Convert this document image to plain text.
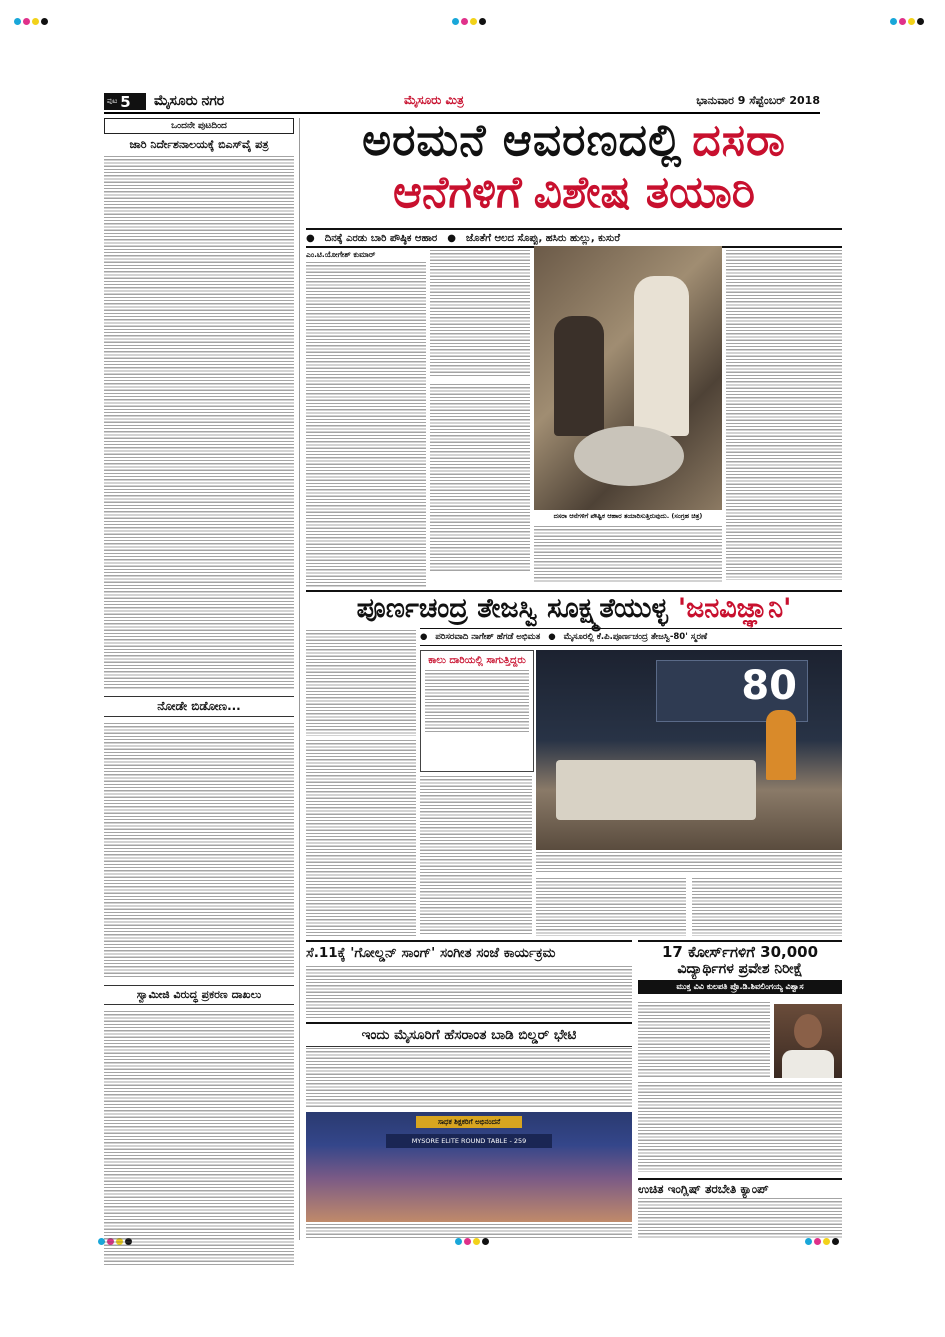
ಪುಟ 5 ಮೈಸೂರು ನಗರ	ಮೈಸೂರು ಮಿತ್ರ	ಭಾನುವಾರ 9 ಸೆಪ್ಟೆಂಬರ್ 2018
ಒಂದನೇ ಪುಟದಿಂದ
ಜಾರಿ ನಿರ್ದೇಶನಾಲಯಕ್ಕೆ ಬಿಎಸ್‌ವೈ ಪತ್ರ
ನೋಡೇ ಬಿಡೋಣ...
ಸ್ವಾಮೀಜಿ ವಿರುದ್ಧ ಪ್ರಕರಣ ದಾಖಲು
ಅರಮನೆ ಆವರಣದಲ್ಲಿ ದಸರಾ
ಆನೆಗಳಿಗೆ ವಿಶೇಷ ತಯಾರಿ
● ದಿನಕ್ಕೆ ಎರಡು ಬಾರಿ ಪೌಷ್ಠಿಕ ಆಹಾರ ● ಜೊತೆಗೆ ಆಲದ ಸೊಪ್ಪು, ಹಸಿರು ಹುಲ್ಲು, ಕುಸುರೆ
ಎಂ.ಟಿ.ಯೋಗೇಶ್ ಕುಮಾರ್
ದಸರಾ ಆನೆಗಳಿಗೆ ಪೌಷ್ಟಿಕ ಆಹಾರ ತಯಾರಿಸುತ್ತಿರುವುದು. (ಸಂಗ್ರಹ ಚಿತ್ರ)
ಪೂರ್ಣಚಂದ್ರ ತೇಜಸ್ವಿ ಸೂಕ್ಷ್ಮತೆಯುಳ್ಳ 'ಜನವಿಜ್ಞಾನಿ'
● ಪರಿಸರವಾದಿ ನಾಗೇಶ್ ಹೆಗಡೆ ಅಭಿಮತ ● ಮೈಸೂರಲ್ಲಿ ಕೆ.ಪಿ.ಪೂರ್ಣಚಂದ್ರ ತೇಜಸ್ವಿ-80' ಸ್ಮರಣೆ
ಕಾಲು ದಾರಿಯಲ್ಲಿ ಸಾಗುತ್ತಿದ್ದರು
80
ಸೆ.11ಕ್ಕೆ 'ಗೋಲ್ಡನ್ ಸಾಂಗ್' ಸಂಗೀತ ಸಂಜೆ ಕಾರ್ಯಕ್ರಮ
ಇಂದು ಮೈಸೂರಿಗೆ ಹೆಸರಾಂತ ಬಾಡಿ ಬಿಲ್ಡರ್ ಭೇಟಿ
ಸಾಧಕ ಶಿಕ್ಷಕರಿಗೆ ಅಭಿನಂದನೆ
MYSORE ELITE ROUND TABLE - 259
17 ಕೋರ್ಸ್‌ಗಳಿಗೆ 30,000
ವಿದ್ಯಾರ್ಥಿಗಳ ಪ್ರವೇಶ ನಿರೀಕ್ಷೆ
ಮುಕ್ತ ವಿವಿ ಕುಲಪತಿ ಪ್ರೊ.ಡಿ.ಶಿವಲಿಂಗಯ್ಯ ವಿಶ್ವಾಸ
ಉಚಿತ ಇಂಗ್ಲಿಷ್ ತರಬೇತಿ ಕ್ಯಾಂಪ್
